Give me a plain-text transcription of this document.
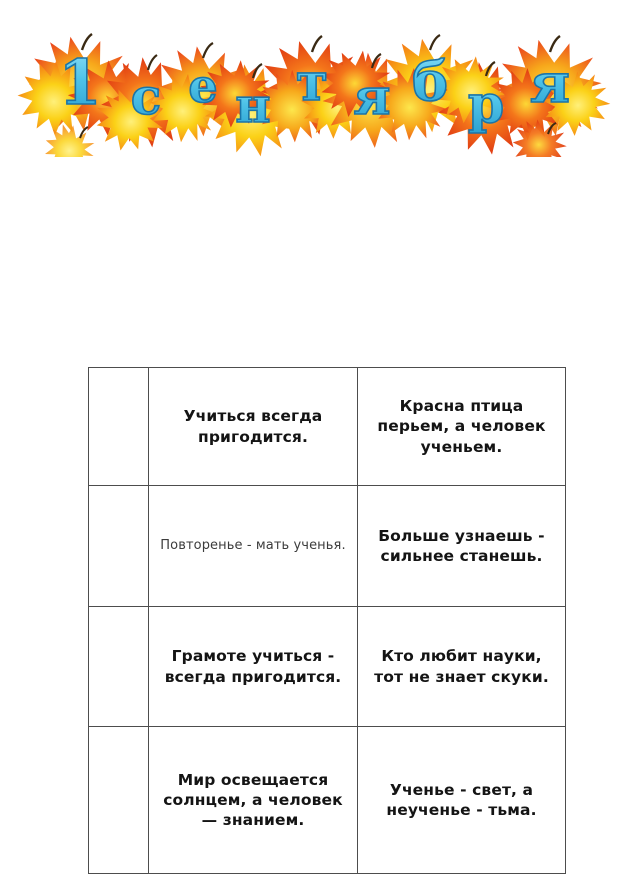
1 с е н т я б р я
	Учиться всегда пригодится.	Красна птица перьем, а человек ученьем.
	Повторенье - мать ученья.	Больше узнаешь - сильнее станешь.
	Грамоте учиться - всегда пригодится.	Кто любит науки, тот не знает скуки.
	Мир освещается солнцем, а человек — знанием.	Ученье - свет, а неученье - тьма.
